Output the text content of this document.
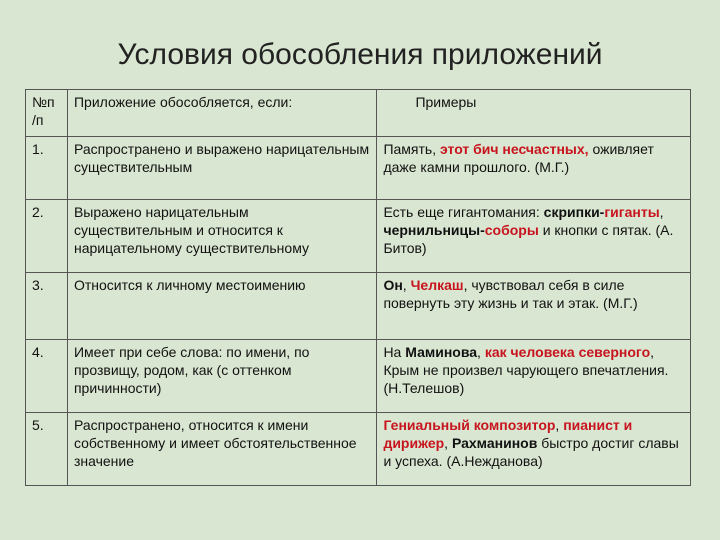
Условия обособления приложений
№п /п	Приложение обособляется, если:	Примеры
1.	Распространено и выражено нарицательным существительным	Память, этот бич несчастных, оживляет даже камни прошлого. (М.Г.)
2.	Выражено нарицательным существительным и относится к нарицательному существительному	Есть еще гигантомания: скрипки-гиганты, чернильницы-соборы и кнопки с пятак. (А. Битов)
3.	Относится к личному местоимению	Он, Челкаш, чувствовал себя в силе повернуть эту жизнь и так и этак. (М.Г.)
4.	Имеет при себе слова: по имени, по прозвищу, родом, как (с оттенком причинности)	На Маминова, как человека северного, Крым не произвел чарующего впечатления.(Н.Телешов)
5.	Распространено, относится к имени собственному и имеет обстоятельственное значение	Гениальный композитор, пианист и дирижер, Рахманинов быстро достиг славы и успеха. (А.Нежданова)
